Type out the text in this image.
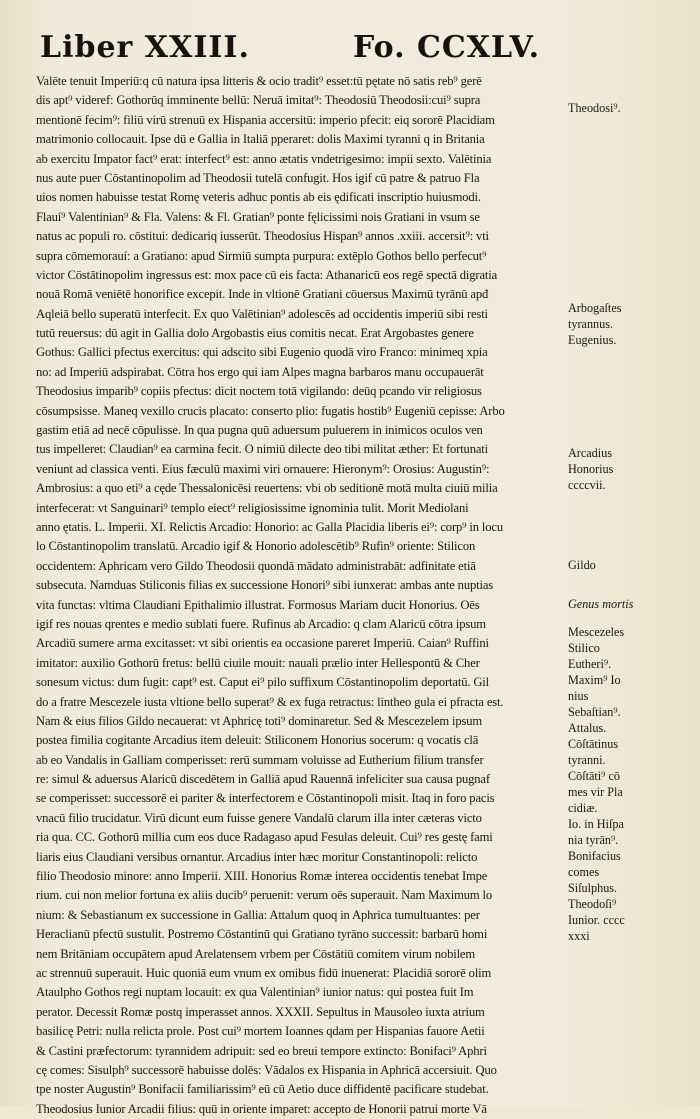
Liber XXIII.	Fo. CCXLV.
Valēte tenuit Imperiū:q cū natura ipsa litteris & ocio tradit⁹ esset:tū pętate nō satis reb⁹ gerē
dis apt⁹ videref: Gothorūq imminente bellū: Neruā imitat⁹: Theodosiū Theodosii:cui⁹ supra
mentionē fecim⁹: filiū virū strenuū ex Hispania accersitū: imperio pfecit: eiq sororē Placidiam
matrimonio collocauit. Ipse dū e Gallia in Italiā pperaret: dolis Maximi tyranni q in Britania
ab exercitu Impator fact⁹ erat: interfect⁹ est: anno ætatis vndetrigesimo: impii sexto. Valētinia
nus aute puer Cōstantinopolim ad Theodosii tutelā confugit. Hos igif cū patre & patruo Fla
uios nomen habuisse testat Romę veteris adhuc pontis ab eis ędificati inscriptio huiusmodi.
Flauí⁹ Valentinian⁹ & Fla. Valens: & Fl. Gratian⁹ ponte fęlicissimi nois Gratiani in vsum se
natus ac populi ro. cōstitui: dedicariq iusserūt. Theodosius Hispan⁹ annos .xxiii. accersit⁹: vti
supra cōmemorauí: a Gratiano: apud Sirmiū sumpta purpura: extēplo Gothos bello perfecut⁹
victor Cōstātinopolim ingressus est: mox pace cū eis facta: Athanaricū eos regē spectā digratia
nouā Romā veniētē honorifice excepit. Inde in vltionē Gratiani cōuersus Maximū tyrānū apđ
Aqleiā bello superatū interfecit. Ex quo Valētinian⁹ adolescēs ad occidentis imperiū sibi resti
tutū reuersus: dū agit in Gallia dolo Argobastis eius comitis necat. Erat Argobastes genere
Gothus: Gallici pfectus exercitus: qui adscito sibi Eugenio quodā viro Franco: minimeq xpia
no: ad Imperiū adspirabat. Cōtra hos ergo qui iam Alpes magna barbaros manu occupauerāt
Theodosius imparib⁹ copiis pfectus: dicit noctem totā vigilando: deūq pcando vir religiosus
cōsumpsisse. Maneq vexillo crucis placato: conserto plio: fugatis hostib⁹ Eugeniū cepisse: Arbo
gastim etiā ad necē cōpulisse. In qua pugna quū aduersum puluerem in inimicos oculos ven
tus impelleret: Claudian⁹ ea carmina fecit. O nimiū dilecte deo tibi militat æther: Et fortunati
veniunt ad classica venti. Eius fæculū maximi viri ornauere: Hieronym⁹: Orosius: Augustin⁹:
Ambrosius: a quo eti⁹ a cęde Thessalonicēsi reuertens: vbi ob seditionē motā multa ciuiū milia
interfecerat: vt Sanguinari⁹ templo eiect⁹ religiosissime ignominia tulit. Morit Mediolani
anno ętatis. L. Imperii. XI. Relictis Arcadio: Honorio: ac Galla Placidia liberis ei⁹: corp⁹ in locu
lo Cōstantinopolim translatū. Arcadio igif & Honorio adolescētib⁹ Rufin⁹ oriente: Stilicon
occidentem: Aphricam vero Gildo Theodosii quondā mādato administrabāt: adfinitate etiā
subsecuta. Namduas Stiliconis filias ex successione Honori⁹ sibi iunxerat: ambas ante nuptias
vita functas: vltima Claudiani Epithalimio illustrat. Formosus Mariam ducit Honorius. Oēs
igif res nouas qrentes e medio sublati fuere. Rufinus ab Arcadio: q clam Alaricū cōtra ipsum
Arcadiū sumere arma excitasset: vt sibi orientis ea occasione pareret Imperiū. Caian⁹ Ruffini
imitator: auxilio Gothorū fretus: bellū ciuile mouit: nauali prælio inter Hellespontū & Cher
sonesum victus: dum fugit: capt⁹ est. Caput ei⁹ pilo suffixum Cōstantinopolim deportatū. Gil
do a fratre Mescezele iusta vltione bello superat⁹ & ex fuga retractus: lintheo gula ei pfracta est.
Nam & eius filios Gildo necauerat: vt Aphricę toti⁹ dominaretur. Sed & Mescezelem ipsum
postea fimilia cogitante Arcadius item deleuit: Stiliconem Honorius socerum: q vocatis clā
ab eo Vandalis in Galliam comperisset: rerū summam voluisse ad Eutherium filium transfer
re: simul & aduersus Alaricū discedētem in Galliā apud Rauennā infeliciter sua causa pugnaf
se comperisset: successorē ei pariter & interfectorem e Cōstantinopoli misit. Itaq in foro pacis
vnacū filio trucidatur. Virū dicunt eum fuisse genere Vandalū clarum illa inter cæteras victo
ria qua. CC. Gothorū millia cum eos duce Radagaso apud Fesulas deleuit. Cui⁹ res gestę fami
liaris eius Claudiani versibus ornantur. Arcadius inter hæc moritur Constantinopoli: relicto
filio Theodosio minore: anno Imperii. XIII. Honorius Romæ interea occidentis tenebat Impe
rium. cui non melior fortuna ex aliis ducib⁹ peruenit: verum oēs superauit. Nam Maximum lo
nium: & Sebastianum ex successione in Gallia: Attalum quoq in Aphrica tumultuantes: per
Heraclianū pfectū sustulit. Postremo Cōstantinū qui Gratiano tyrāno successit: barbarū homi
nem Britāniam occupātem apud Arelatensem vrbem per Cōstātiū comitem virum nobilem
ac strennuū superauit. Huic quoniā eum vnum ex omibus fidū inuenerat: Placidiā sororē olim
Ataulpho Gothos regi nuptam locauit: ex qua Valentinian⁹ iunior natus: qui postea fuit Im
perator. Decessit Romæ postq imperasset annos. XXXII. Sepultus in Mausoleo iuxta atrium
basilicę Petri: nulla relicta prole. Post cui⁹ mortem Ioannes qdam per Hispanias fauore Aetii
& Castini præfectorum: tyrannidem adripuit: sed eo breui tempore extincto: Bonifaci⁹ Aphri
cę comes: Sisulph⁹ successorē habuisse dolēs: Vādalos ex Hispania in Aphricā accersiuit. Quo
tpe noster Augustin⁹ Bonifacii familiarissim⁹ eū cū Aetio duce diffidentē pacificare studebat.
Theodosius Iunior Arcadii filius: quū in oriente imparet: accepto de Honorii patrui morte Vā
Theodosi⁹.
Arbogaſtes
tyrannus.
Eugenius.
Arcadius
Honorius
ccccvii.
Gildo
Genus mortis
Mescezeles
Stilico
Eutheri⁹.
Maxim⁹ Io
nius
Sebaſtian⁹.
Attalus.
Cōſtātinus
tyranni.
Cōſtāti⁹ cō
mes vir Pla
cidiæ.
Io. in Hiſpa
nia tyrān⁹.
Bonifacius
comes
Siſulphus.
Theodoſi⁹
Iunior. cccc
xxxi
